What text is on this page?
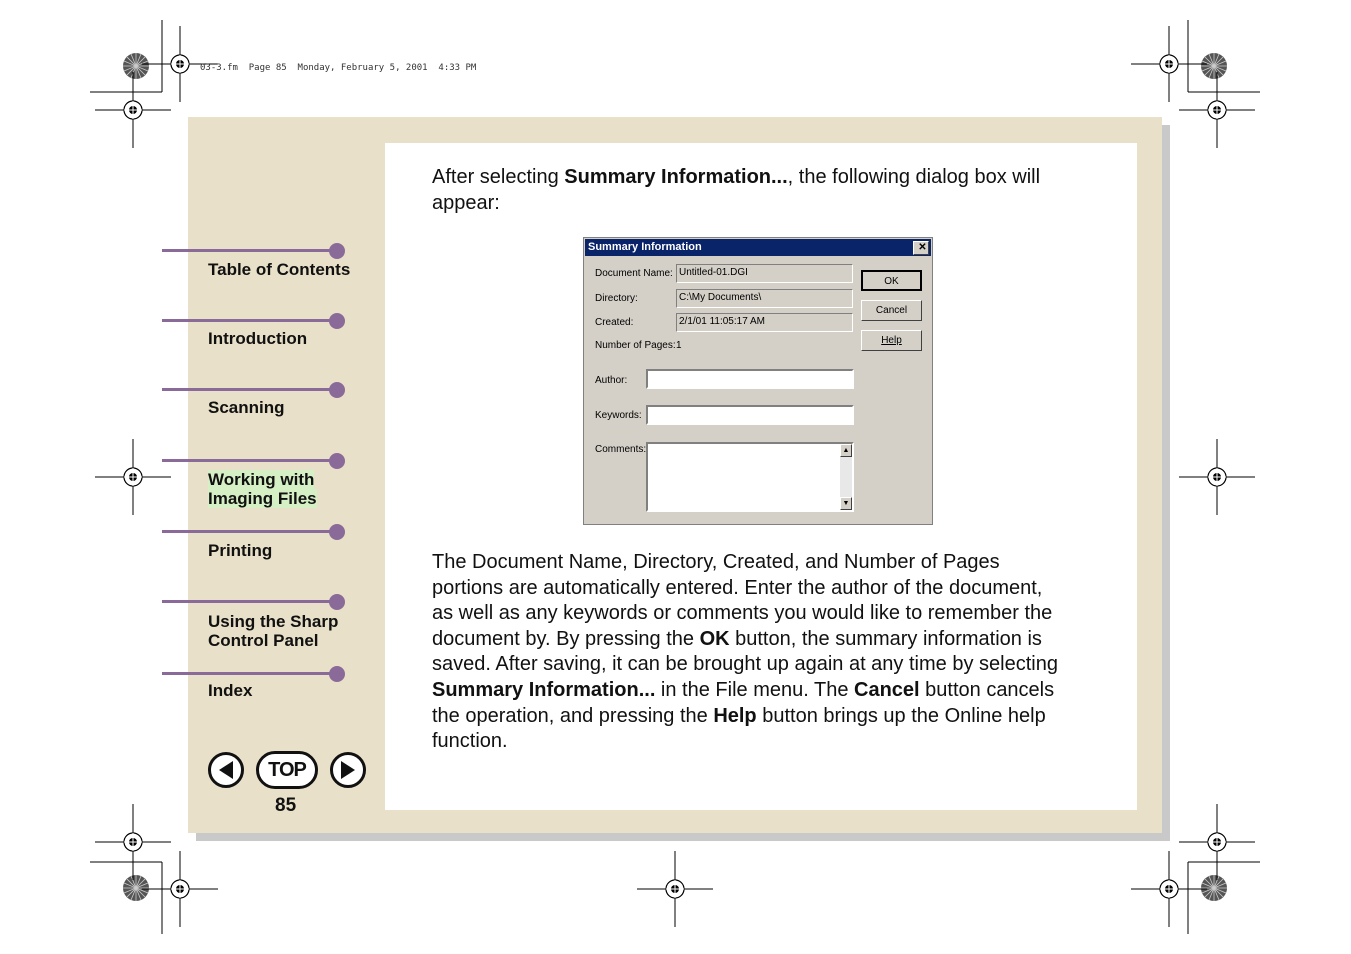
03-3.fm  Page 85  Monday, February 5, 2001  4:33 PM
Table of Contents
Introduction
Scanning
Working with
Imaging Files
Printing
Using the Sharp
Control Panel
Index
TOP
85
After selecting Summary Information..., the following dialog box will
appear:
Summary Information	✕
Document Name: Untitled-01.DGI
Directory:	C:\My Documents\
Created:	2/1/01 11:05:17 AM
Number of Pages: 1
Author:
Keywords:
Comments:	▲
▼
OK
Cancel
Help
The Document Name, Directory, Created, and Number of Pages
portions are automatically entered. Enter the author of the document,
as well as any keywords or comments you would like to remember the
document by. By pressing the OK button, the summary information is
saved. After saving, it can be brought up again at any time by selecting
Summary Information... in the File menu. The Cancel button cancels
the operation, and pressing the Help button brings up the Online help
function.
